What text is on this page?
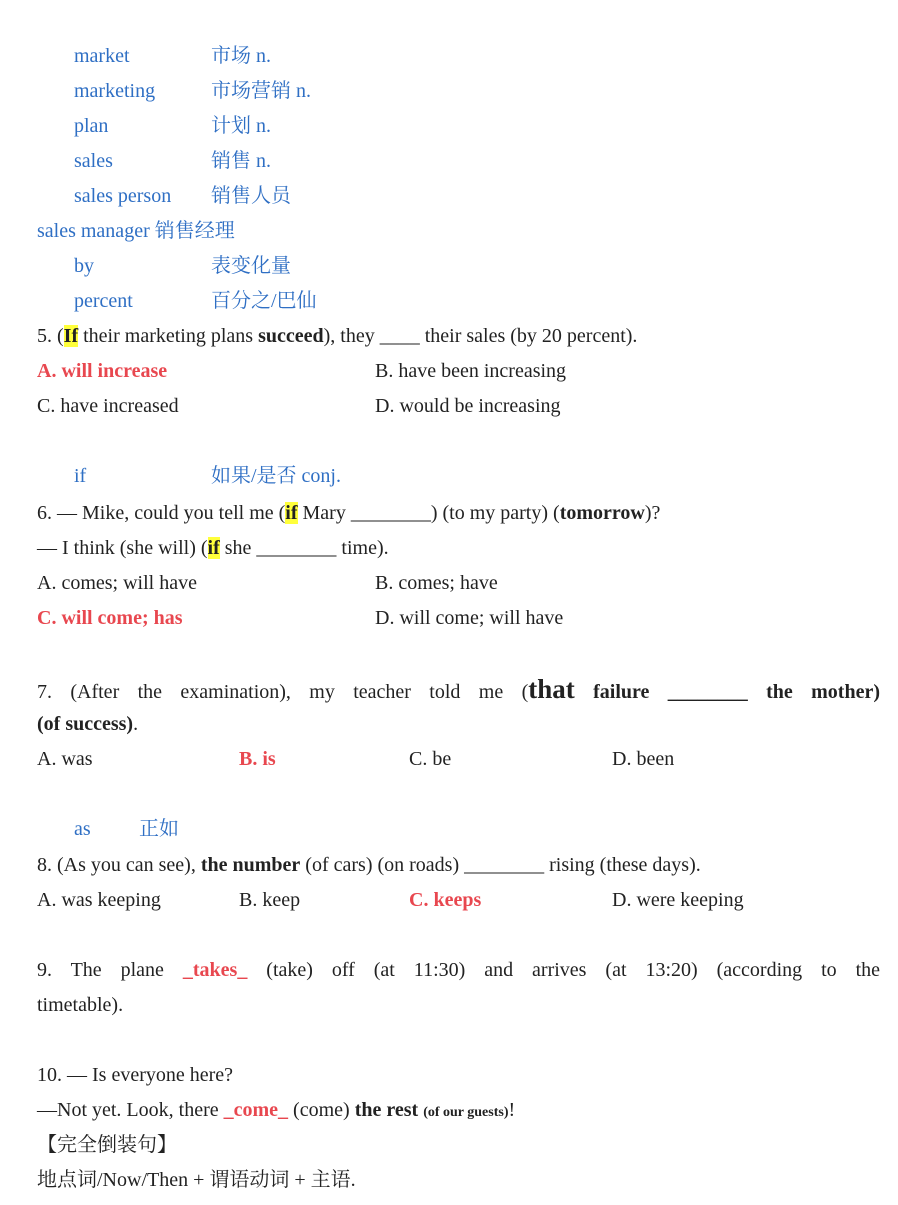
market	市场 n.
marketing	市场营销 n.
plan	计划 n.
sales	销售 n.
sales person 销售人员
sales manager 销售经理
by	表变化量
percent	百分之/巴仙
5. (If their marketing plans succeed), they ____ their sales (by 20 percent).
A. will increase	B. have been increasing
C. have increased	D. would be increasing
if	如果/是否 conj.
6. — Mike, could you tell me (if Mary ________) (to my party) (tomorrow)?
— I think (she will) (if she ________ time).
A. comes; will have	B. comes; have
C. will come; has	D. will come; will have
7. (After the examination), my teacher told me (that failure ________ the mother)
(of success).
A. was	B. is	C. be	D. been
as 正如
8. (As you can see), the number (of cars) (on roads) ________ rising (these days).
A. was keeping	B. keep	C. keeps	D. were keeping
9. The plane _takes_ (take) off (at 11:30) and arrives (at 13:20) (according to the
timetable).
10. — Is everyone here?
—Not yet. Look, there _come_ (come) the rest (of our guests)!
【完全倒装句】
地点词/Now/Then + 谓语动词 + 主语.
